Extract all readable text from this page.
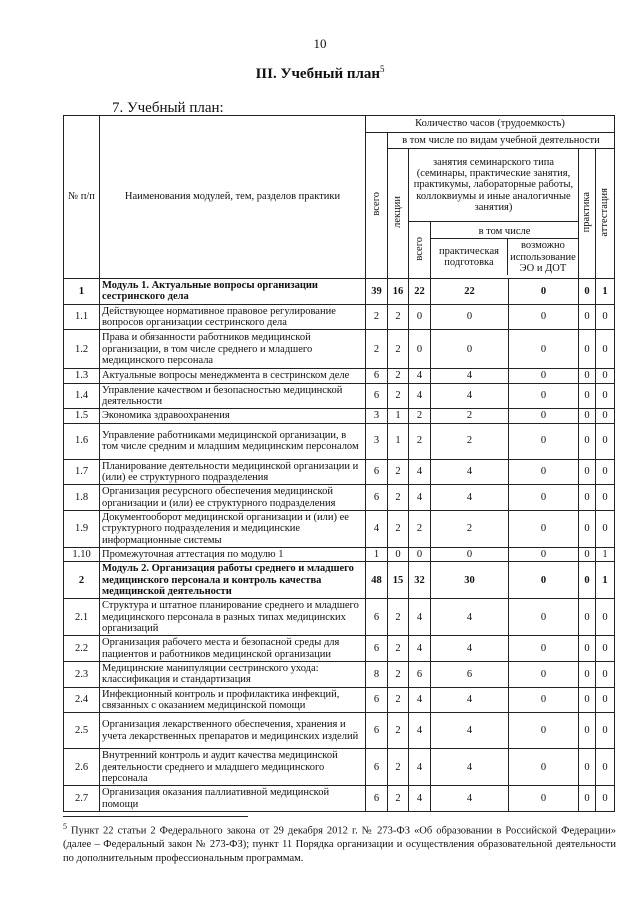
10
III. Учебный план$^5$
7. Учебный план:
№ п/п	Наименования модулей, тем, разделов практики	Количество часов (трудоемкость)
всего	в том числе по видам учебной деятельности
лекции	занятия семинарского типа (семинары, практические занятия, практикумы, лабораторные работы, коллоквиумы и иные аналогичные занятия)	практика	аттестация
всего	
в том числе
практическая подготовка	возможно использование ЭО и ДОТ

1	Модуль 1. Актуальные вопросы организации сестринского дела	39	16	22	22	0	0	1
1.1	Действующее нормативное правовое регулирование вопросов организации сестринского дела	2	2	0	0	0	0	0
1.2	Права и обязанности работников медицинской организации, в том числе среднего и младшего медицинского персонала	2	2	0	0	0	0	0
1.3	Актуальные вопросы менеджмента в сестринском деле	6	2	4	4	0	0	0
1.4	Управление качеством и безопасностью медицинской деятельности	6	2	4	4	0	0	0
1.5	Экономика здравоохранения	3	1	2	2	0	0	0
1.6	Управление работниками медицинской организации, в том числе средним и младшим медицинским персоналом	3	1	2	2	0	0	0
1.7	Планирование деятельности медицинской организации и (или) ее структурного подразделения	6	2	4	4	0	0	0
1.8	Организация ресурсного обеспечения медицинской организации и (или) ее структурного подразделения	6	2	4	4	0	0	0
1.9	Документооборот медицинской организации и (или) ее структурного подразделения и медицинские информационные системы	4	2	2	2	0	0	0
1.10	Промежуточная аттестация по модулю 1	1	0	0	0	0	0	1
2	Модуль 2. Организация работы среднего и младшего медицинского персонала и контроль качества медицинской деятельности	48	15	32	30	0	0	1
2.1	Структура и штатное планирование среднего и младшего медицинского персонала в разных типах медицинских организаций	6	2	4	4	0	0	0
2.2	Организация рабочего места и безопасной среды для пациентов и работников медицинской организации	6	2	4	4	0	0	0
2.3	Медицинские манипуляции сестринского ухода: классификация и стандартизация	8	2	6	6	0	0	0
2.4	Инфекционный контроль и профилактика инфекций, связанных с оказанием медицинской помощи	6	2	4	4	0	0	0
2.5	Организация лекарственного обеспечения, хранения и учета лекарственных препаратов и медицинских изделий	6	2	4	4	0	0	0
2.6	Внутренний контроль и аудит качества медицинской деятельности среднего и младшего медицинского персонала	6	2	4	4	0	0	0
2.7	Организация оказания паллиативной медицинской помощи	6	2	4	4	0	0	0
$^5$ Пункт 22 статьи 2 Федерального закона от 29 декабря 2012 г. № 273-ФЗ «Об образовании в Российской Федерации» (далее – Федеральный закон № 273-ФЗ); пункт 11 Порядка организации и осуществления образовательной деятельности по дополнительным профессиональным программам.
